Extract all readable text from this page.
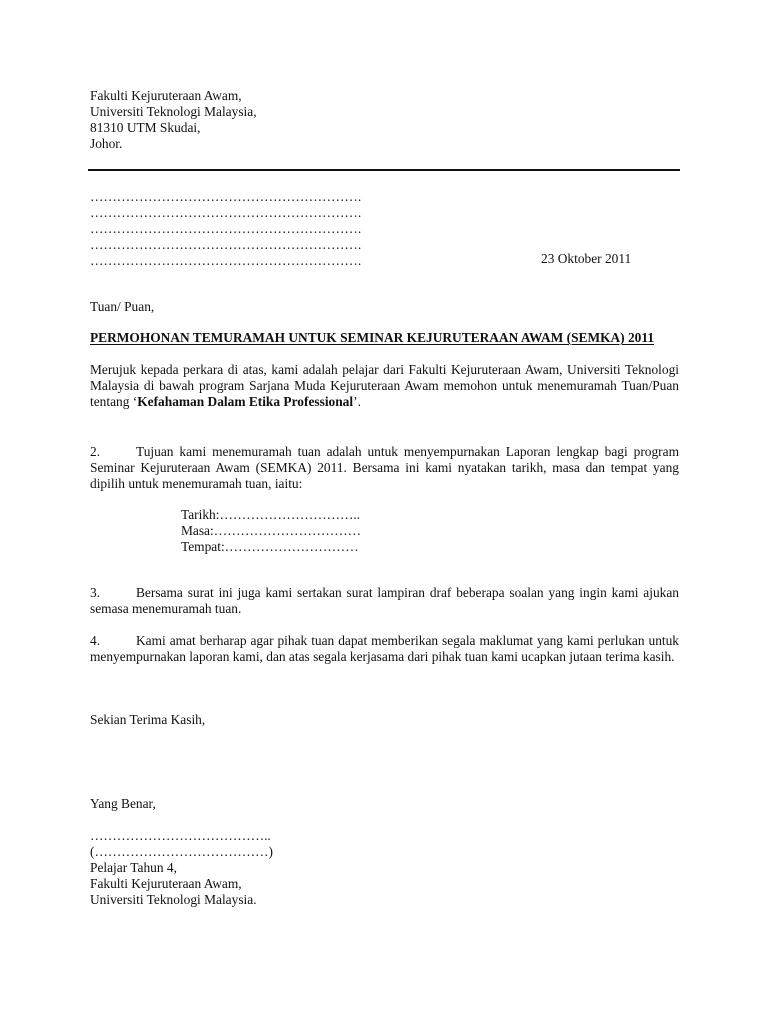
Fakulti Kejuruteraan Awam,
Universiti Teknologi Malaysia,
81310 UTM Skudai,
Johor.
…………………………………………………….
…………………………………………………….
…………………………………………………….
…………………………………………………….
…………………………………………………….	23 Oktober 2011
Tuan/ Puan,
PERMOHONAN TEMURAMAH UNTUK SEMINAR KEJURUTERAAN AWAM (SEMKA) 2011
Merujuk kepada perkara di atas, kami adalah pelajar dari Fakulti Kejuruteraan Awam, Universiti Teknologi Malaysia di bawah program Sarjana Muda Kejuruteraan Awam memohon untuk menemuramah Tuan/Puan tentang ‘Kefahaman Dalam Etika Professional’.
2.	Tujuan kami menemuramah tuan adalah untuk menyempurnakan Laporan lengkap bagi program Seminar Kejuruteraan Awam (SEMKA) 2011. Bersama ini kami nyatakan tarikh, masa dan tempat yang dipilih untuk menemuramah tuan, iaitu:
Tarikh:…………………………..
Masa:……………………………
Tempat:…………………………
3.	Bersama surat ini juga kami sertakan surat lampiran draf beberapa soalan yang ingin kami ajukan semasa menemuramah tuan.
4.	Kami amat berharap agar pihak tuan dapat memberikan segala maklumat yang kami perlukan untuk menyempurnakan laporan kami, dan atas segala kerjasama dari pihak tuan kami ucapkan jutaan terima kasih.
Sekian Terima Kasih,
Yang Benar,
…………………………………..
(…………………………………)
Pelajar Tahun 4,
Fakulti Kejuruteraan Awam,
Universiti Teknologi Malaysia.
